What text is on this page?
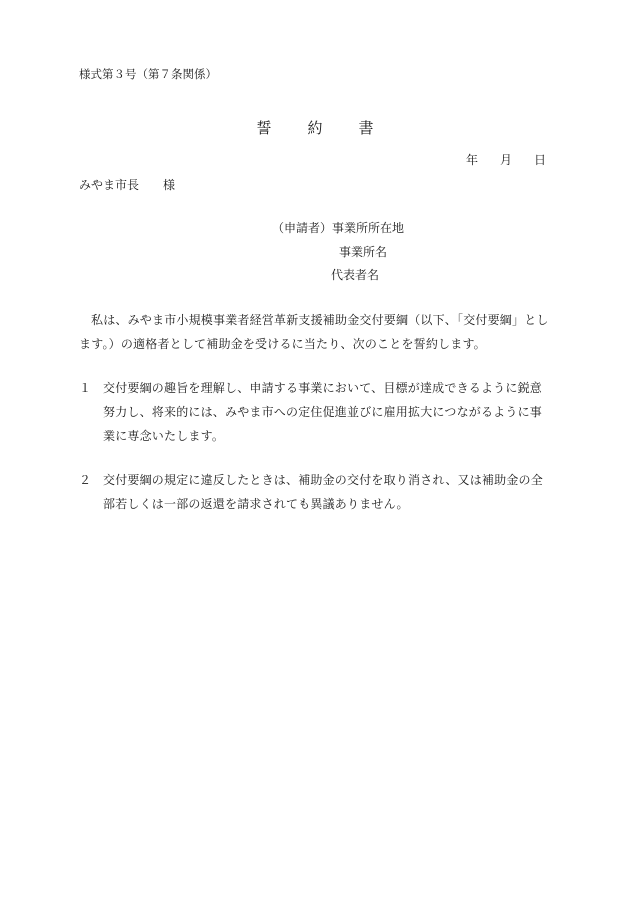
様式第３号（第７条関係）
誓 約 書
年 月 日
みやま市長 様
（申請者）事業所所在地
事業所名
代表者名
私は、みやま市小規模事業者経営革新支援補助金交付要綱（以下、「交付要綱」とします。）の適格者として補助金を受けるに当たり、次のことを誓約します。
１ 交付要綱の趣旨を理解し、申請する事業において、目標が達成できるように鋭意努力し、将来的には、みやま市への定住促進並びに雇用拡大につながるように事業に専念いたします。
２ 交付要綱の規定に違反したときは、補助金の交付を取り消され、又は補助金の全部若しくは一部の返還を請求されても異議ありません。
